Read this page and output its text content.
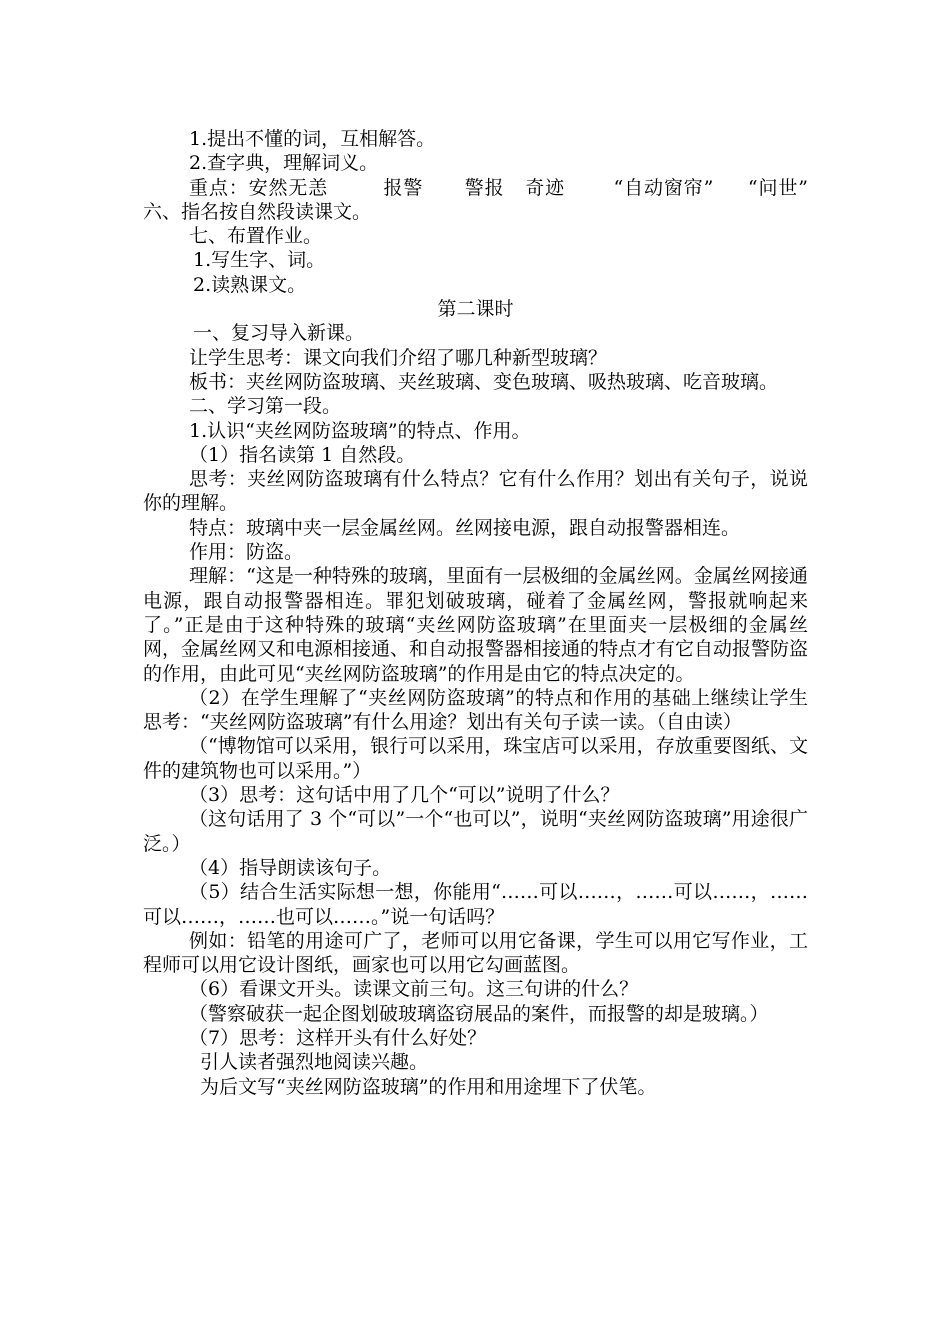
1.提出不懂的词，互相解答。

2.查字典，理解词义。

重点：安然无恙        报警      警报   奇迹       “自动窗帘”     “问世” 六、指名按自然段读课文。

七、布置作业。

1.写生字、词。

2.读熟课文。

第二课时

一、复习导入新课。

让学生思考：课文向我们介绍了哪几种新型玻璃？

板书：夹丝网防盗玻璃、夹丝玻璃、变色玻璃、吸热玻璃、吃音玻璃。

二、学习第一段。

1.认识“夹丝网防盗玻璃”的特点、作用。

（1）指名读第 1 自然段。

思考：夹丝网防盗玻璃有什么特点？它有什么作用？划出有关句子，说说你的理解。

特点：玻璃中夹一层金属丝网。丝网接电源，跟自动报警器相连。

作用：防盗。

理解：“这是一种特殊的玻璃，里面有一层极细的金属丝网。金属丝网接通电源，跟自动报警器相连。罪犯划破玻璃，碰着了金属丝网，警报就响起来了。”正是由于这种特殊的玻璃“夹丝网防盗玻璃”在里面夹一层极细的金属丝网，金属丝网又和电源相接通、和自动报警器相接通的特点才有它自动报警防盗的作用，由此可见“夹丝网防盗玻璃”的作用是由它的特点决定的。

（2）在学生理解了“夹丝网防盗玻璃”的特点和作用的基础上继续让学生思考：“夹丝网防盗玻璃”有什么用途？划出有关句子读一读。（自由读）

（“博物馆可以采用，银行可以采用，珠宝店可以采用，存放重要图纸、文件的建筑物也可以采用。”）

（3）思考：这句话中用了几个“可以”说明了什么？

（这句话用了 3 个“可以”一个“也可以”，说明“夹丝网防盗玻璃”用途很广泛。）

（4）指导朗读该句子。

（5）结合生活实际想一想，你能用“……可以……，……可以……，……可以……，……也可以……。”说一句话吗？

例如：铅笔的用途可广了，老师可以用它备课，学生可以用它写作业，工程师可以用它设计图纸，画家也可以用它勾画蓝图。

（6）看课文开头。读课文前三句。这三句讲的什么？

（警察破获一起企图划破玻璃盗窃展品的案件，而报警的却是玻璃。）

（7）思考：这样开头有什么好处？

引人读者强烈地阅读兴趣。

为后文写“夹丝网防盗玻璃”的作用和用途埋下了伏笔。
